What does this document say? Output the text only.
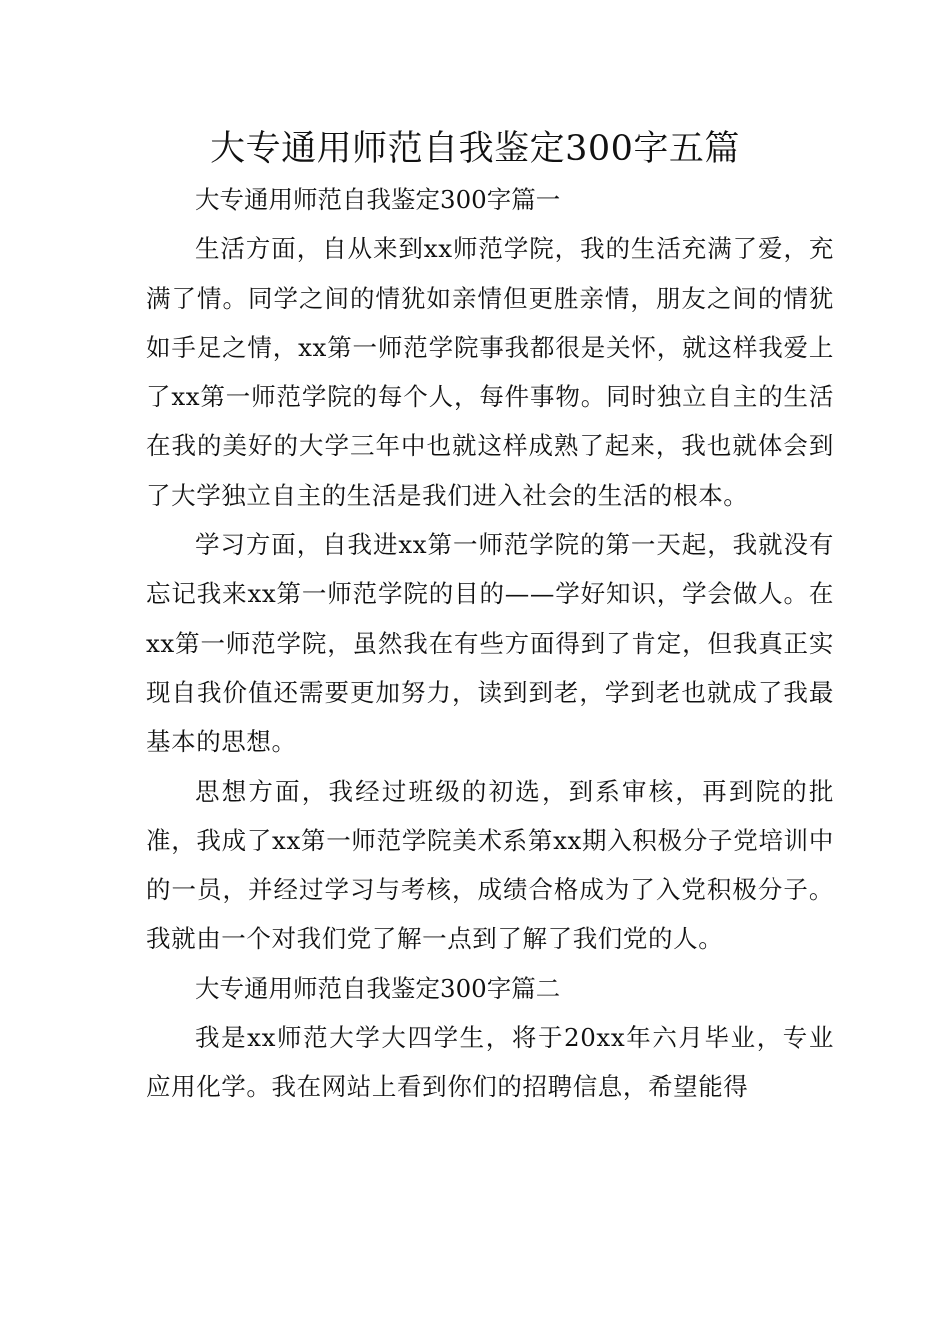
大专通用师范自我鉴定300字五篇

大专通用师范自我鉴定300字篇一

生活方面，自从来到xx师范学院，我的生活充满了爱，充满了情。同学之间的情犹如亲情但更胜亲情，朋友之间的情犹如手足之情，xx第一师范学院事我都很是关怀，就这样我爱上了xx第一师范学院的每个人，每件事物。同时独立自主的生活在我的美好的大学三年中也就这样成熟了起来，我也就体会到了大学独立自主的生活是我们进入社会的生活的根本。

学习方面，自我进xx第一师范学院的第一天起，我就没有忘记我来xx第一师范学院的目的——学好知识，学会做人。在xx第一师范学院，虽然我在有些方面得到了肯定，但我真正实现自我价值还需要更加努力，读到到老，学到老也就成了我最基本的思想。

思想方面，我经过班级的初选，到系审核，再到院的批准，我成了xx第一师范学院美术系第xx期入积极分子党培训中的一员，并经过学习与考核，成绩合格成为了入党积极分子。我就由一个对我们党了解一点到了解了我们党的人。

大专通用师范自我鉴定300字篇二

我是xx师范大学大四学生，将于20xx年六月毕业，专业应用化学。我在网站上看到你们的招聘信息，希望能得
